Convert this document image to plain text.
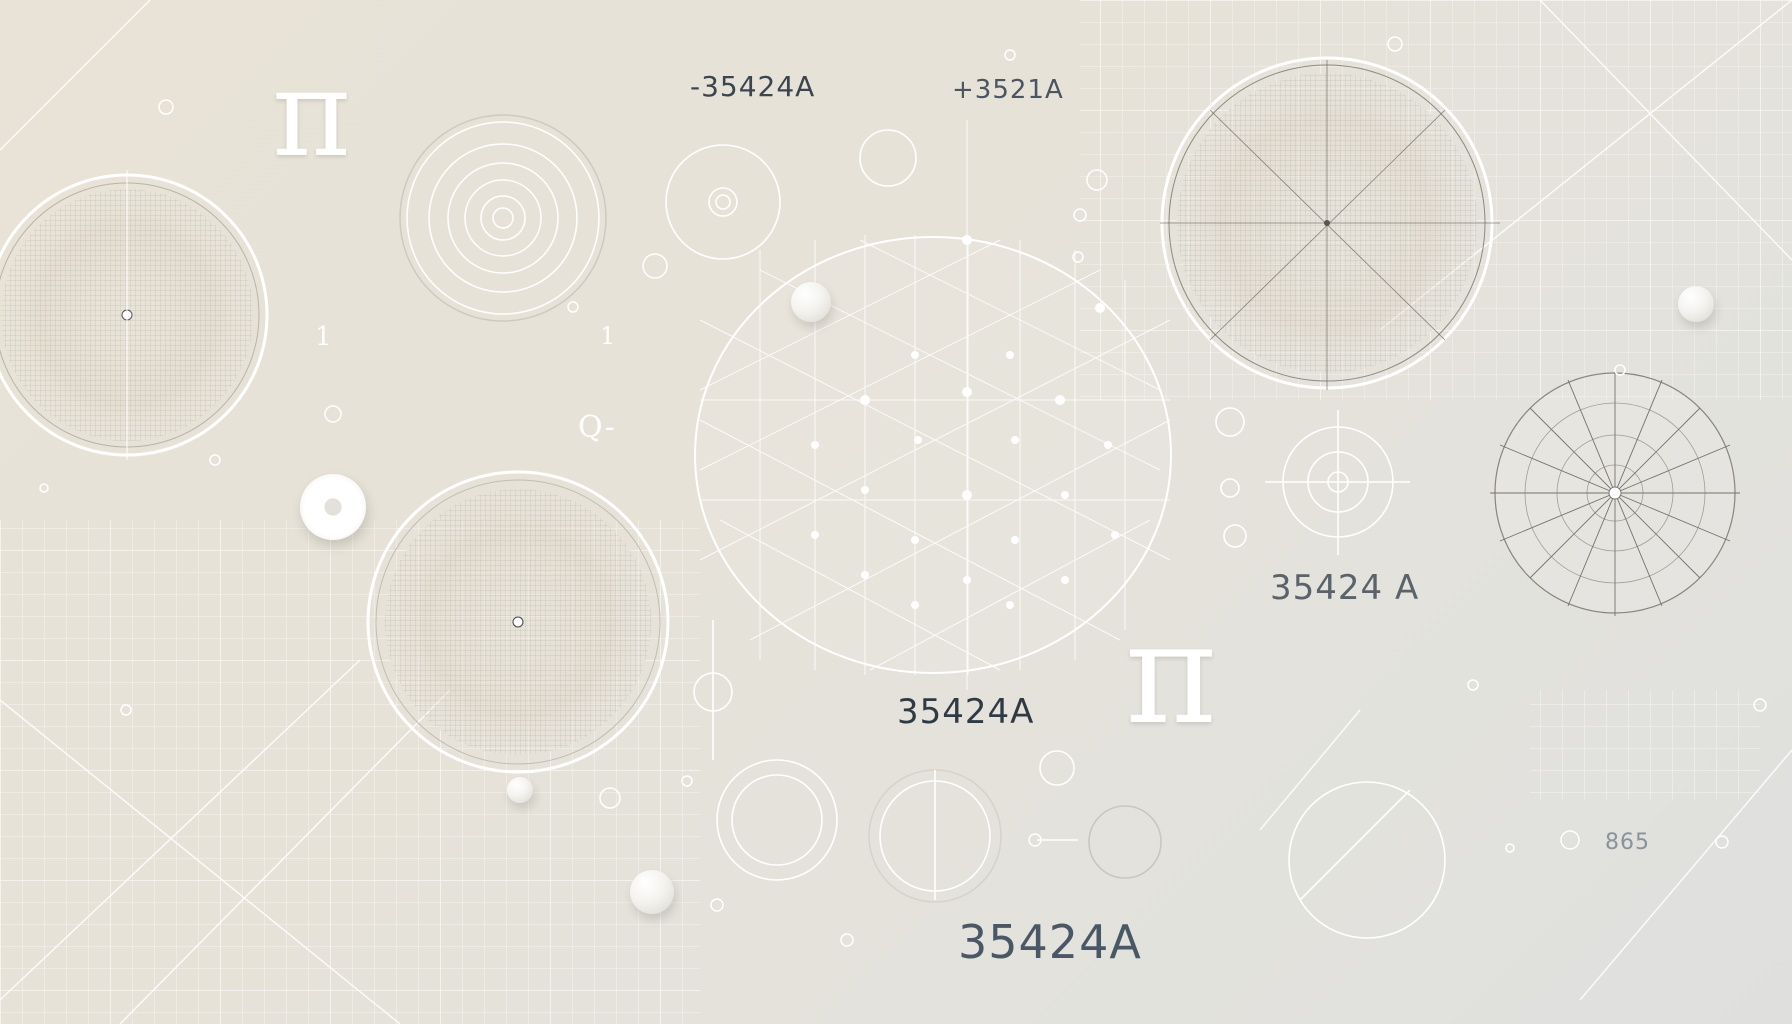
π
π
-35424A	+3521A
35424 A
35424A
35424A
1	1
Q-
865
